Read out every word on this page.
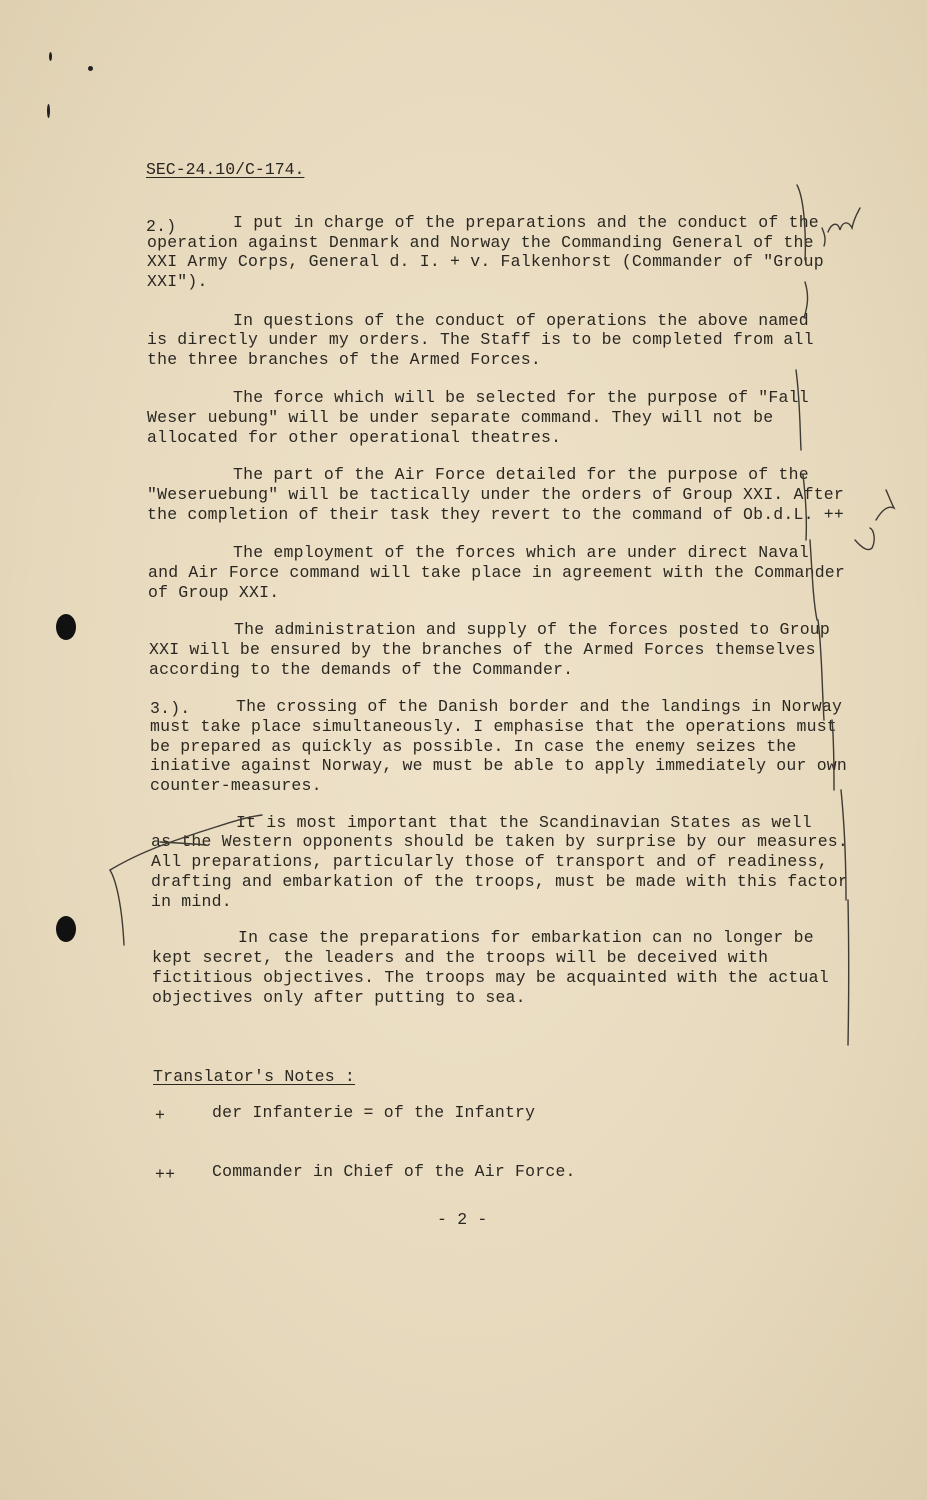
SEC-24.10/C-174.
2.)	I put in charge of the preparations and the conduct of the
operation against Denmark and Norway the Commanding General of the
XXI Army Corps, General d. I. + v. Falkenhorst (Commander of "Group
XXI").
In questions of the conduct of operations the above named
is directly under my orders. The Staff is to be completed from all
the three branches of the Armed Forces.
The force which will be selected for the purpose of "Fall
Weser uebung" will be under separate command. They will not be
allocated for other operational theatres.
The part of the Air Force detailed for the purpose of the
"Weseruebung" will be tactically under the orders of Group XXI. After
the completion of their task they revert to the command of Ob.d.L. ++
The employment of the forces which are under direct Naval
and Air Force command will take place in agreement with the Commander
of Group XXI.
The administration and supply of the forces posted to Group
XXI will be ensured by the branches of the Armed Forces themselves
according to the demands of the Commander.
3.).	The crossing of the Danish border and the landings in Norway
must take place simultaneously. I emphasise that the operations must
be prepared as quickly as possible. In case the enemy seizes the
iniative against Norway, we must be able to apply immediately our own
counter-measures.
It is most important that the Scandinavian States as well
as the Western opponents should be taken by surprise by our measures.
All preparations, particularly those of transport and of readiness,
drafting and embarkation of the troops, must be made with this factor
in mind.
In case the preparations for embarkation can no longer be
kept secret, the leaders and the troops will be deceived with
fictitious objectives. The troops may be acquainted with the actual
objectives only after putting to sea.
Translator's Notes :
+	der Infanterie = of the Infantry
++ Commander in Chief of the Air Force.
- 2 -
